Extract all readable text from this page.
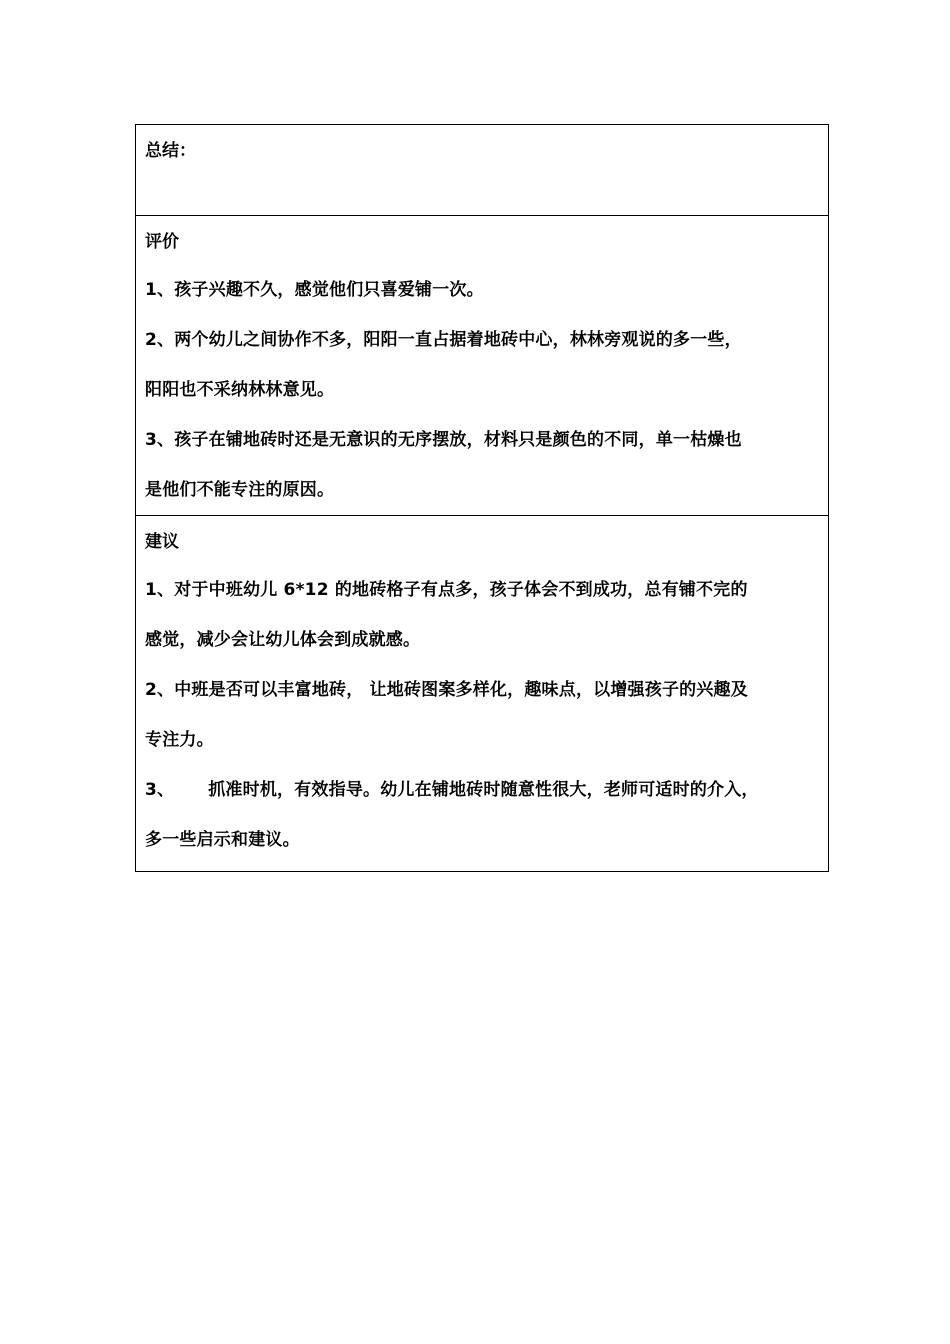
总结：
评价
1、孩子兴趣不久，感觉他们只喜爱铺一次。
2、两个幼儿之间协作不多，阳阳一直占据着地砖中心，林林旁观说的多一些，
阳阳也不采纳林林意见。
3、孩子在铺地砖时还是无意识的无序摆放，材料只是颜色的不同，单一枯燥也
是他们不能专注的原因。
建议
1、对于中班幼儿 6*12 的地砖格子有点多，孩子体会不到成功，总有铺不完的
感觉，减少会让幼儿体会到成就感。
2、中班是否可以丰富地砖， 让地砖图案多样化，趣味点，以增强孩子的兴趣及
专注力。
3、 抓准时机，有效指导。幼儿在铺地砖时随意性很大，老师可适时的介入，
多一些启示和建议。
